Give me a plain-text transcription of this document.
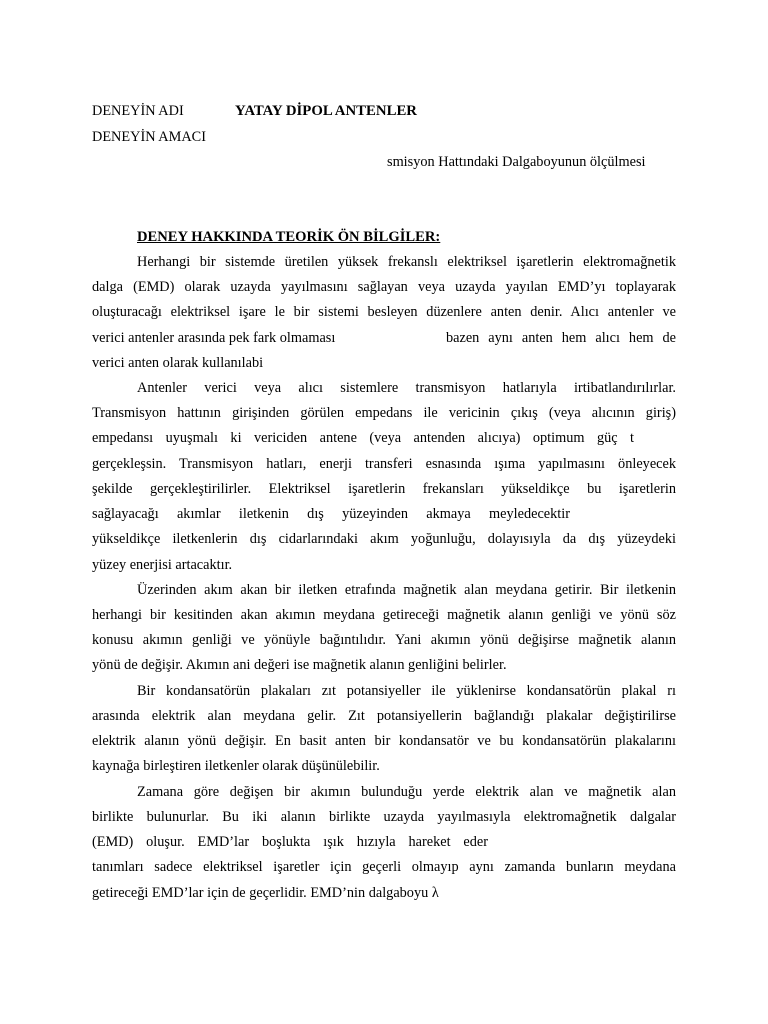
DENEYİN ADI	YATAY DİPOL ANTENLER
DENEYİN AMACI
smisyon Hattındaki Dalgaboyunun ölçülmesi
DENEY HAKKINDA TEORİK ÖN BİLGİLER:
Herhangi bir sistemde üretilen yüksek frekanslı elektriksel işaretlerin elektromağnetik
dalga (EMD) olarak uzayda yayılmasını sağlayan veya uzayda yayılan EMD’yı toplayarak
oluşturacağı elektriksel işare le bir sistemi besleyen düzenlere anten denir. Alıcı antenler ve
verici antenler arasında pek fark olmaması	bazen aynı anten hem alıcı hem de
verici anten olarak kullanılabi
Antenler verici veya alıcı sistemlere transmisyon hatlarıyla irtibatlandırılırlar.
Transmisyon hattının girişinden görülen empedans ile vericinin çıkış (veya alıcının giriş)
empedansı uyuşmalı ki vericiden antene (veya antenden alıcıya) optimum güç t
gerçekleşsin. Transmisyon hatları, enerji transferi esnasında ışıma yapılmasını önleyecek
şekilde gerçekleştirilirler. Elektriksel işaretlerin frekansları yükseldikçe bu işaretlerin
sağlayacağı akımlar iletkenin dış yüzeyinden akmaya meyledecektir
yükseldikçe iletkenlerin dış cidarlarındaki akım yoğunluğu, dolayısıyla da dış yüzeydeki
yüzey enerjisi artacaktır.
Üzerinden akım akan bir iletken etrafında mağnetik alan meydana getirir. Bir iletkenin
herhangi bir kesitinden akan akımın meydana getireceği mağnetik alanın genliği ve yönü söz
konusu akımın genliği ve yönüyle bağıntılıdır. Yani akımın yönü değişirse mağnetik alanın
yönü de değişir. Akımın ani değeri ise mağnetik alanın genliğini belirler.
Bir kondansatörün plakaları zıt potansiyeller ile yüklenirse kondansatörün plakal rı
arasında elektrik alan meydana gelir. Zıt potansiyellerin bağlandığı plakalar değiştirilirse
elektrik alanın yönü değişir. En basit anten bir kondansatör ve bu kondansatörün plakalarını
kaynağa birleştiren iletkenler olarak düşünülebilir.
Zamana göre değişen bir akımın bulunduğu yerde elektrik alan ve mağnetik alan
birlikte bulunurlar. Bu iki alanın birlikte uzayda yayılmasıyla elektromağnetik dalgalar
(EMD) oluşur. EMD’lar boşlukta ışık hızıyla hareket eder
tanımları sadece elektriksel işaretler için geçerli olmayıp aynı zamanda bunların meydana
getireceği EMD’lar için de geçerlidir. EMD’nin dalgaboyu λ
